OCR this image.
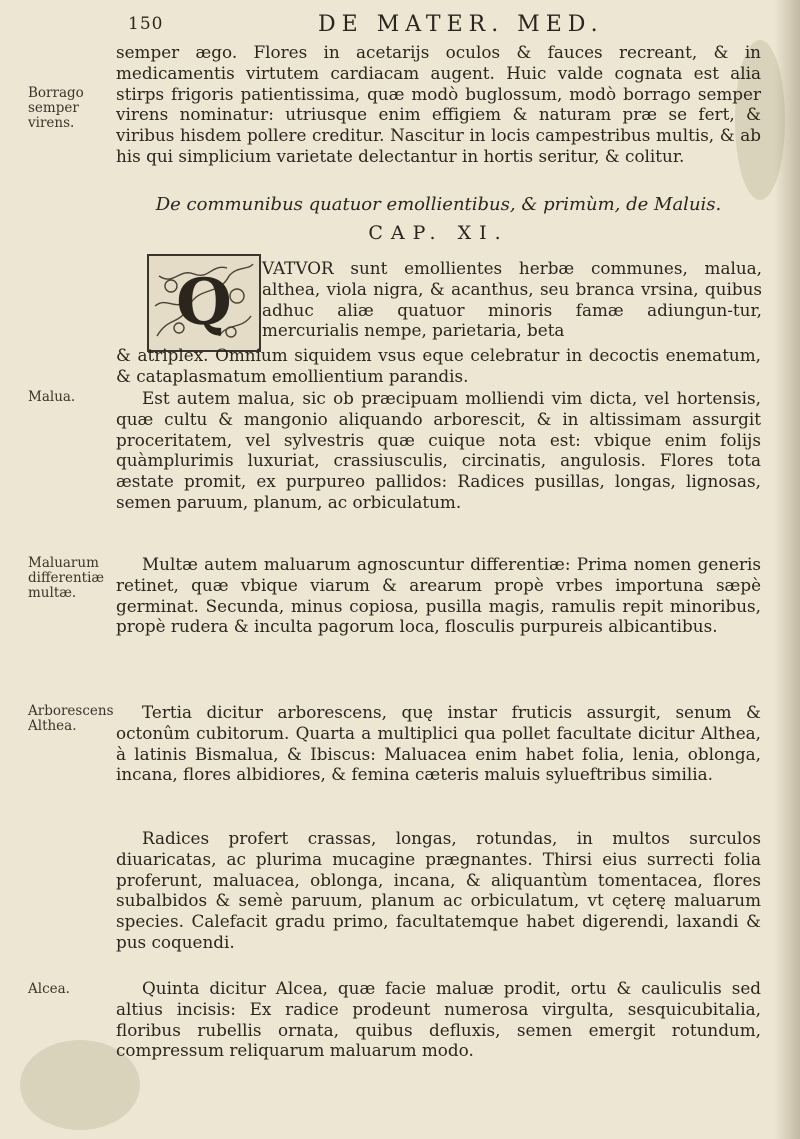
150	DE MATER. MED.
Borrago semper virens.
Malua.
Maluarum differentiæ multæ.
Arborescens Althea.
Alcea.

semper ægo. Flores in acetarijs oculos & fauces recreant, & in medicamentis virtutem cardiacam augent. Huic valde cognata est alia stirps frigoris patientissima, quæ modò buglossum, modò borrago semper virens nominatur: utriusque enim effigiem & naturam præ se fert, & viribus hisdem pollere creditur. Nascitur in locis campestribus multis, & ab his qui simplicium varietate delectantur in hortis seritur, & colitur.

De communibus quatuor emollientibus, & primùm, de Maluis.
CAP. XI.
Q	VATVOR sunt emollientes herbæ communes, malua, althea, viola nigra, & acanthus, seu branca vrsina, quibus adhuc aliæ quatuor minoris famæ adiungun-tur, mercurialis nempe, parietaria, beta

& atriplex. Omnium siquidem vsus eque celebratur in decoctis enematum, & cataplasmatum emollientium parandis.

Est autem malua, sic ob præcipuam molliendi vim dicta, vel hortensis, quæ cultu & mangonio aliquando arborescit, & in altissimam assurgit proceritatem, vel sylvestris quæ cuique nota est: vbique enim folijs quàmplurimis luxuriat, crassiusculis, circinatis, angulosis. Flores tota æstate promit, ex purpureo pallidos: Radices pusillas, longas, lignosas, semen paruum, planum, ac orbiculatum.

Multæ autem maluarum agnoscuntur differentiæ: Prima nomen generis retinet, quæ vbique viarum & arearum propè vrbes importuna sæpè germinat. Secunda, minus copiosa, pusilla magis, ramulis repit minoribus, propè rudera & inculta pagorum loca, flosculis purpureis albicantibus.

Tertia dicitur arborescens, quę instar fruticis assurgit, senum & octonûm cubitorum. Quarta a multiplici qua pollet facultate dicitur Althea, à latinis Bismalua, & Ibiscus: Maluacea enim habet folia, lenia, oblonga, incana, flores albidiores, & femina cæteris maluis sylueftribus similia.

Radices profert crassas, longas, rotundas, in multos surculos diuaricatas, ac plurima mucagine prægnantes. Thirsi eius surrecti folia proferunt, maluacea, oblonga, incana, & aliquantùm tomentacea, flores subalbidos & semè paruum, planum ac orbiculatum, vt cęterę maluarum species. Calefacit gradu primo, facultatemque habet digerendi, laxandi & pus coquendi.

Quinta dicitur Alcea, quæ facie maluæ prodit, ortu & cauliculis sed altius incisis: Ex radice prodeunt numerosa virgulta, sesquicubitalia, floribus rubellis ornata, quibus defluxis, semen emergit rotundum, compressum reliquarum maluarum modo.
